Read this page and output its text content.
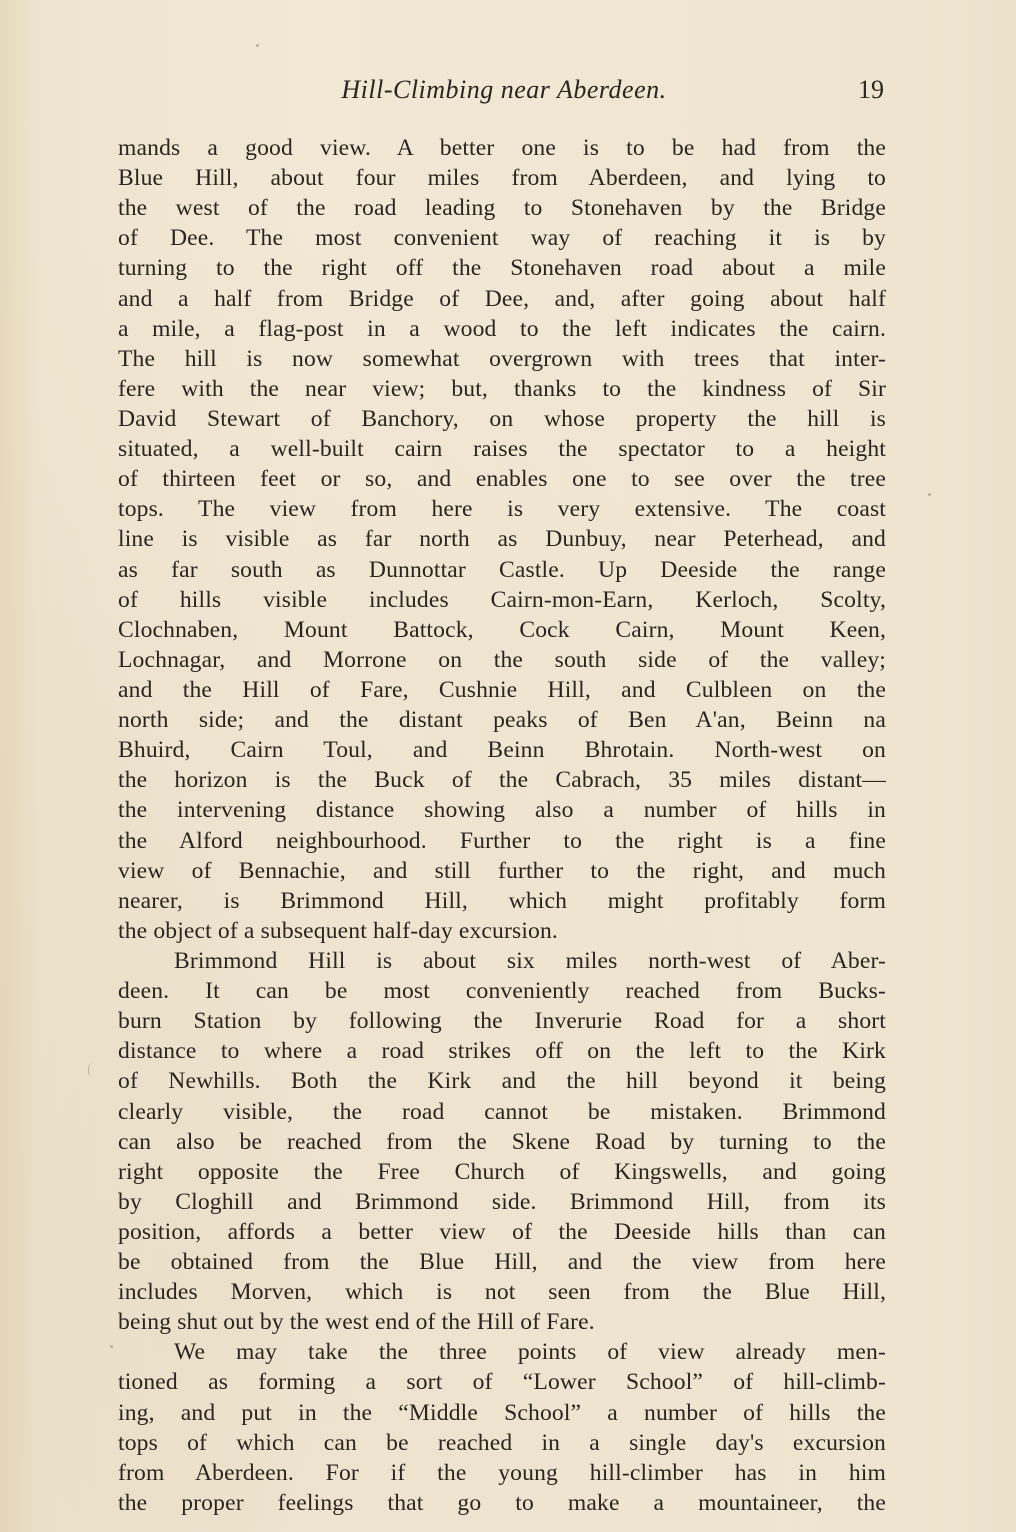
Hill-Climbing near Aberdeen.	19
mands a good view. A better one is to be had from the
Blue Hill, about four miles from Aberdeen, and lying to
the west of the road leading to Stonehaven by the Bridge
of Dee. The most convenient way of reaching it is by
turning to the right off the Stonehaven road about a mile
and a half from Bridge of Dee, and, after going about half
a mile, a flag-post in a wood to the left indicates the cairn.
The hill is now somewhat overgrown with trees that inter-
fere with the near view; but, thanks to the kindness of Sir
David Stewart of Banchory, on whose property the hill is
situated, a well-built cairn raises the spectator to a height
of thirteen feet or so, and enables one to see over the tree
tops. The view from here is very extensive. The coast
line is visible as far north as Dunbuy, near Peterhead, and
as far south as Dunnottar Castle. Up Deeside the range
of hills visible includes Cairn-mon-Earn, Kerloch, Scolty,
Clochnaben, Mount Battock, Cock Cairn, Mount Keen,
Lochnagar, and Morrone on the south side of the valley;
and the Hill of Fare, Cushnie Hill, and Culbleen on the
north side; and the distant peaks of Ben A'an, Beinn na
Bhuird, Cairn Toul, and Beinn Bhrotain. North-west on
the horizon is the Buck of the Cabrach, 35 miles distant—
the intervening distance showing also a number of hills in
the Alford neighbourhood. Further to the right is a fine
view of Bennachie, and still further to the right, and much
nearer, is Brimmond Hill, which might profitably form
the object of a subsequent half-day excursion.
Brimmond Hill is about six miles north-west of Aber-
deen. It can be most conveniently reached from Bucks-
burn Station by following the Inverurie Road for a short
distance to where a road strikes off on the left to the Kirk
of Newhills. Both the Kirk and the hill beyond it being
clearly visible, the road cannot be mistaken. Brimmond
can also be reached from the Skene Road by turning to the
right opposite the Free Church of Kingswells, and going
by Cloghill and Brimmond side. Brimmond Hill, from its
position, affords a better view of the Deeside hills than can
be obtained from the Blue Hill, and the view from here
includes Morven, which is not seen from the Blue Hill,
being shut out by the west end of the Hill of Fare.
We may take the three points of view already men-
tioned as forming a sort of “Lower School” of hill-climb-
ing, and put in the “Middle School” a number of hills the
tops of which can be reached in a single day's excursion
from Aberdeen. For if the young hill-climber has in him
the proper feelings that go to make a mountaineer, the
